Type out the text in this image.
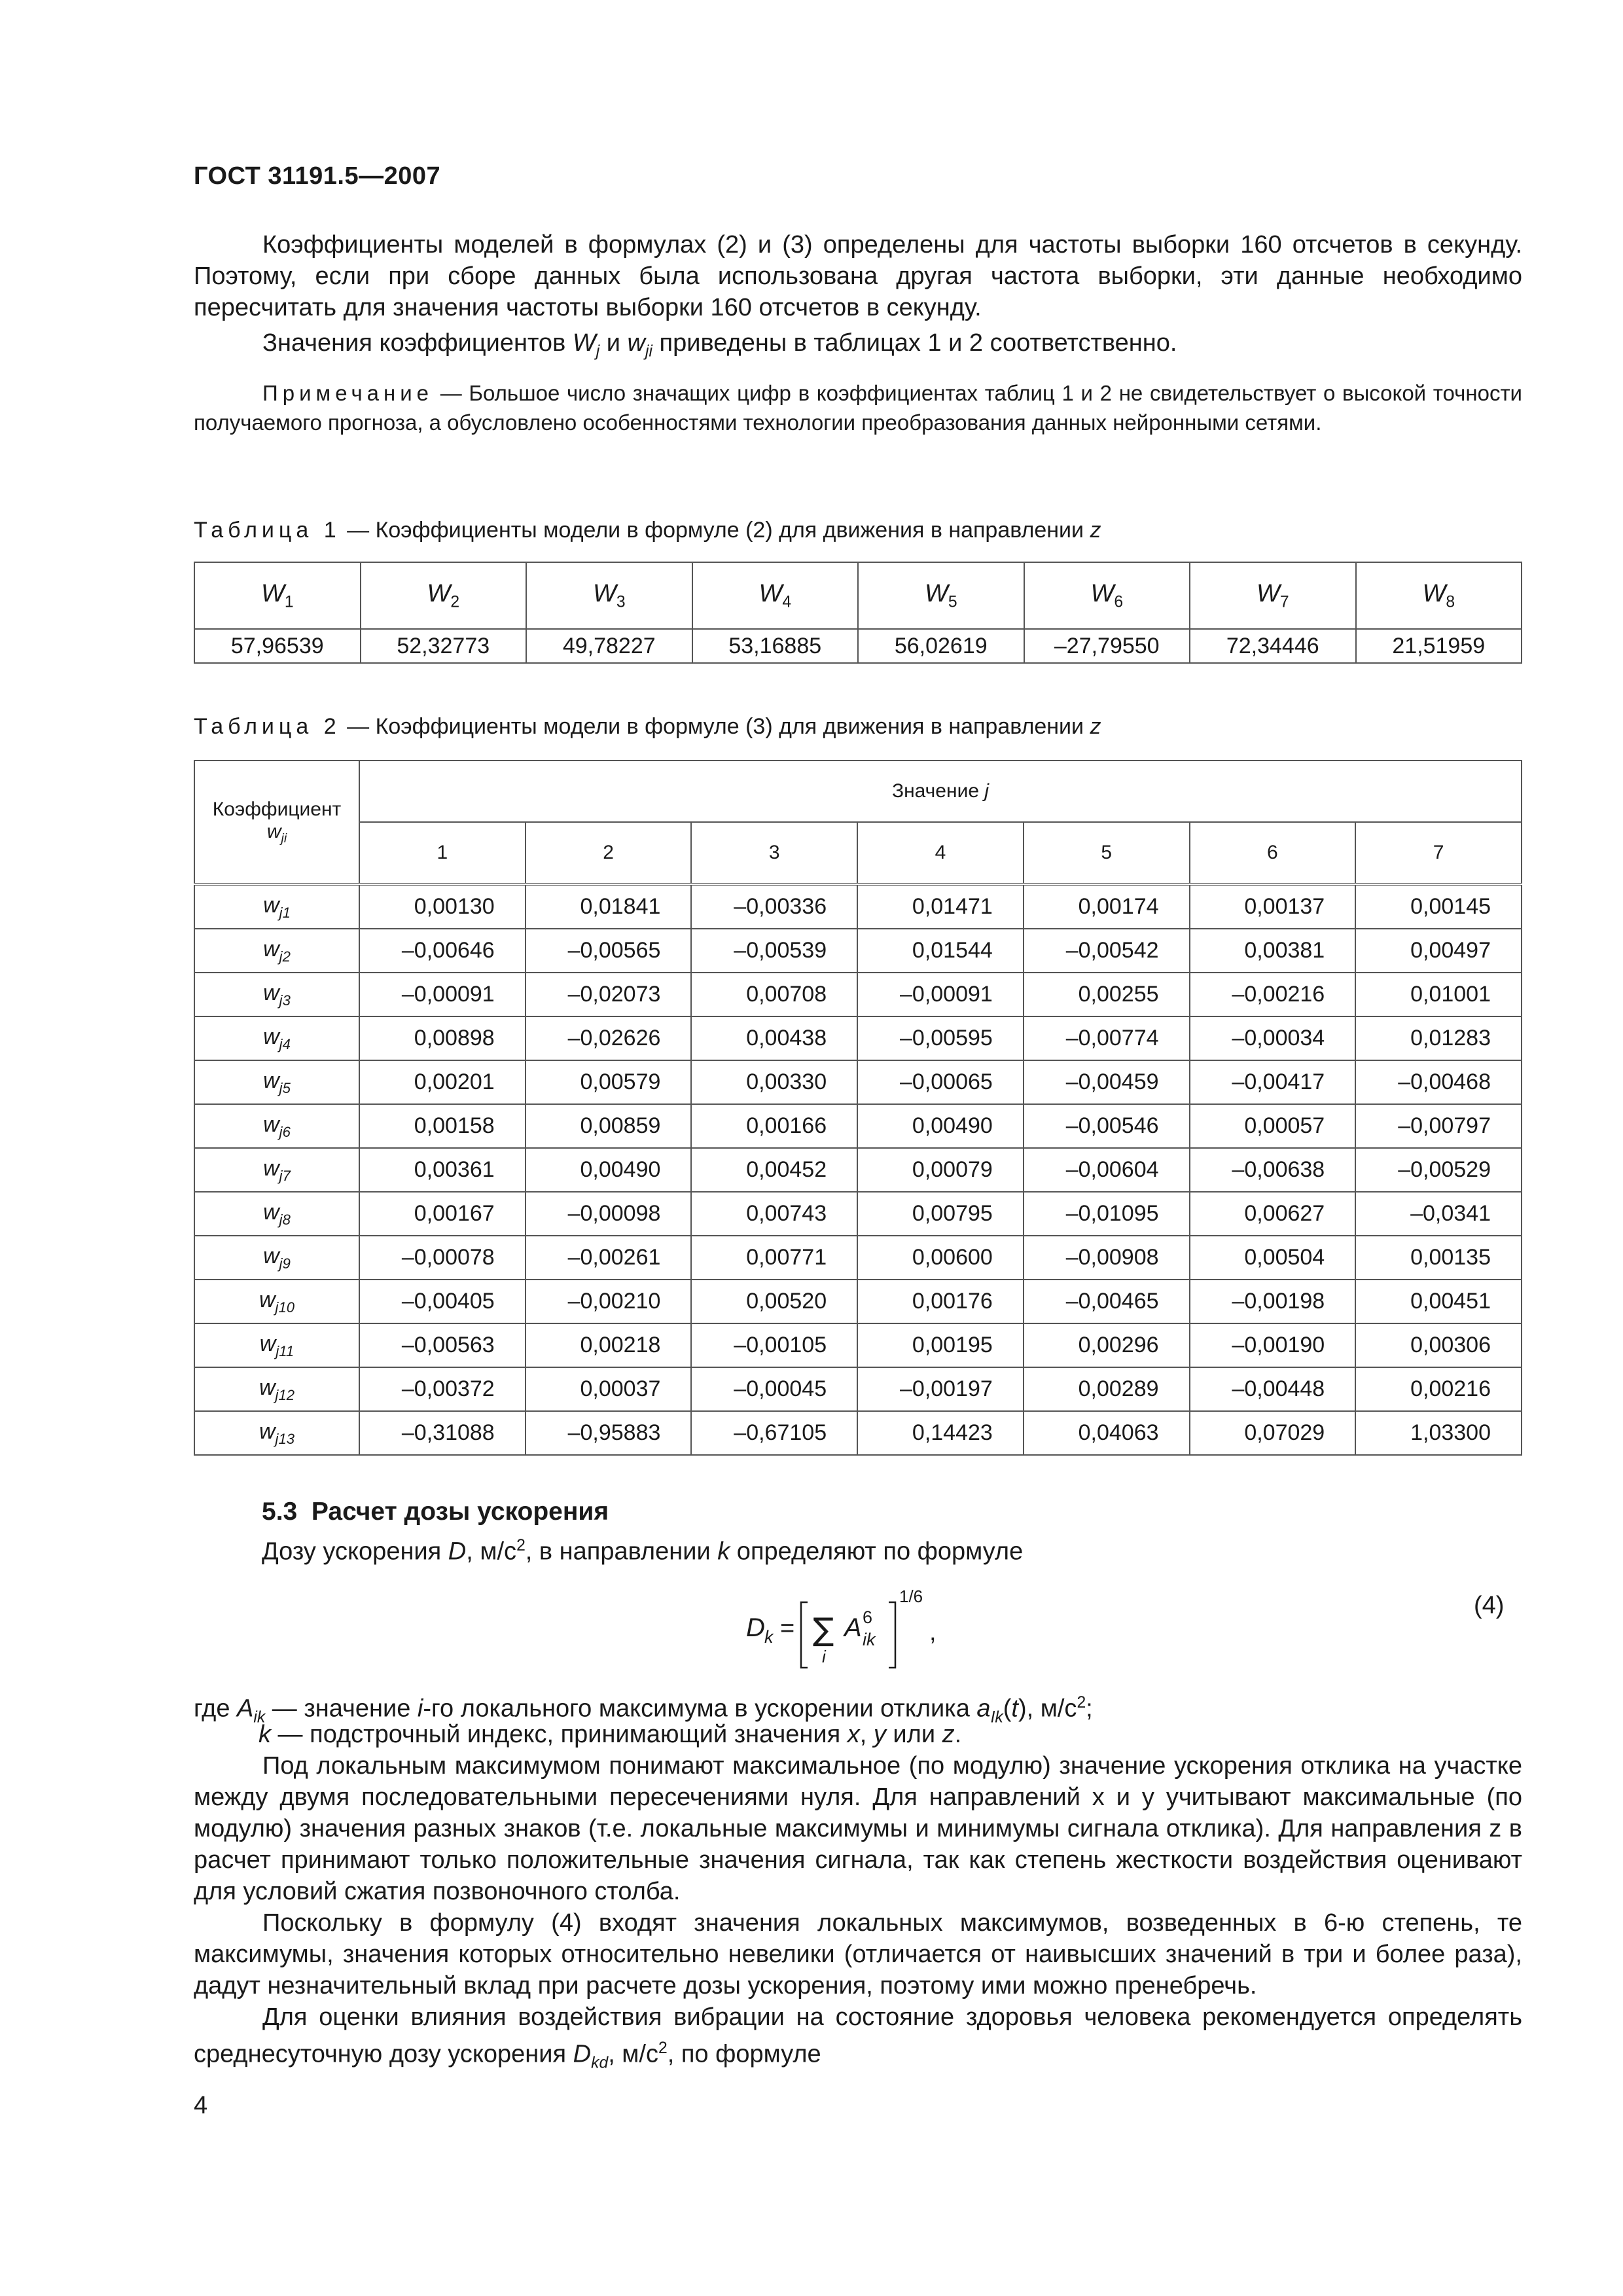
ГОСТ 31191.5—2007
Коэффициенты моделей в формулах (2) и (3) определены для частоты выборки 160 отсчетов в секунду. Поэтому, если при сборе данных была использована другая частота выборки, эти данные необходимо пересчитать для значения частоты выборки 160 отсчетов в секунду.
Значения коэффициентов $W_j$ и $w_{ji}$ приведены в таблицах 1 и 2 соответственно.
Примечание — Большое число значащих цифр в коэффициентах таблиц 1 и 2 не свидетельствует о высокой точности получаемого прогноза, а обусловлено особенностями технологии преобразования данных нейронными сетями.
Таблица 1 — Коэффициенты модели в формуле (2) для движения в направлении z
$W_1$	$W_2$	$W_3$	$W_4$	$W_5$	$W_6$	$W_7$	$W_8$
57,96539	52,32773	49,78227	53,16885	56,02619	–27,79550	72,34446	21,51959
Таблица 2 — Коэффициенты модели в формуле (3) для движения в направлении z
Коэффициент
$w_{ji}$	Значение j						
	1	2	3	4	5	6	7
$w_{j1}$	0,00130	0,01841	–0,00336	0,01471	0,00174	0,00137	0,00145
$w_{j2}$	–0,00646	–0,00565	–0,00539	0,01544	–0,00542	0,00381	0,00497
$w_{j3}$	–0,00091	–0,02073	0,00708	–0,00091	0,00255	–0,00216	0,01001
$w_{j4}$	0,00898	–0,02626	0,00438	–0,00595	–0,00774	–0,00034	0,01283
$w_{j5}$	0,00201	0,00579	0,00330	–0,00065	–0,00459	–0,00417	–0,00468
$w_{j6}$	0,00158	0,00859	0,00166	0,00490	–0,00546	0,00057	–0,00797
$w_{j7}$	0,00361	0,00490	0,00452	0,00079	–0,00604	–0,00638	–0,00529
$w_{j8}$	0,00167	–0,00098	0,00743	0,00795	–0,01095	0,00627	–0,0341
$w_{j9}$	–0,00078	–0,00261	0,00771	0,00600	–0,00908	0,00504	0,00135
$w_{j10}$	–0,00405	–0,00210	0,00520	0,00176	–0,00465	–0,00198	0,00451
$w_{j11}$	–0,00563	0,00218	–0,00105	0,00195	0,00296	–0,00190	0,00306
$w_{j12}$	–0,00372	0,00037	–0,00045	–0,00197	0,00289	–0,00448	0,00216
$w_{j13}$	–0,31088	–0,95883	–0,67105	0,14423	0,04063	0,07029	1,03300
5.3 Расчет дозы ускорения
Дозу ускорения D, $м/с^2$, в направлении k определяют по формуле
D k = ∑
i
A 6
ik
1/6
,
(4)
где $A_{ik}$ — значение i-го локального максимума в ускорении отклика $a_{Ik}(t)$, $м/с^2$;
k — подстрочный индекс, принимающий значения x, y или z.
Под локальным максимумом понимают максимальное (по модулю) значение ускорения отклика на участке между двумя последовательными пересечениями нуля. Для направлений x и y учитывают максимальные (по модулю) значения разных знаков (т.е. локальные максимумы и минимумы сигнала отклика). Для направления z в расчет принимают только положительные значения сигнала, так как степень жесткости воздействия оценивают для условий сжатия позвоночного столба.
Поскольку в формулу (4) входят значения локальных максимумов, возведенных в 6-ю степень, те максимумы, значения которых относительно невелики (отличается от наивысших значений в три и более раза), дадут незначительный вклад при расчете дозы ускорения, поэтому ими можно пренебречь.
Для оценки влияния воздействия вибрации на состояние здоровья человека рекомендуется определять среднесуточную дозу ускорения $D_{kd}$, $м/с^2$, по формуле
4
